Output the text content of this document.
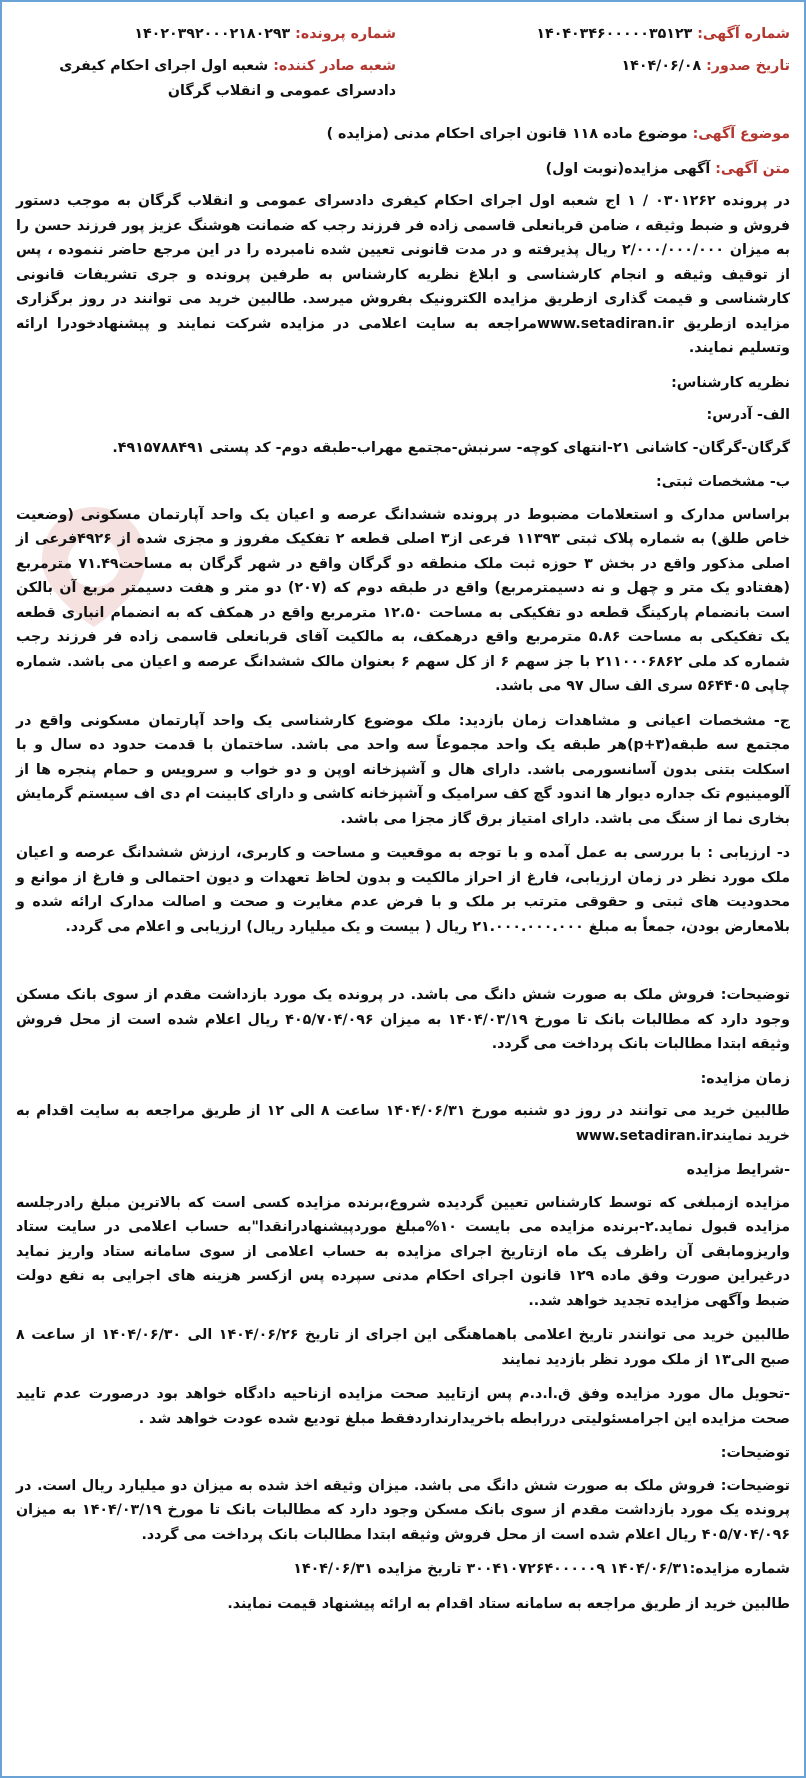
شماره آگهی: ۱۴۰۴۰۳۴۶۰۰۰۰۰۳۵۱۲۳
شماره پرونده: ۱۴۰۲۰۳۹۲۰۰۰۲۱۸۰۲۹۳
تاریخ صدور: ۱۴۰۴/۰۶/۰۸
شعبه صادر کننده: شعبه اول اجرای احکام کیفری دادسرای عمومی و انقلاب گرگان

موضوع آگهی: موضوع ماده ۱۱۸ قانون اجرای احکام مدنی (مزایده )

متن آگهی: آگهی مزایده(نوبت اول)

در پرونده ۰۳۰۱۲۶۲ / ۱ اج شعبه اول اجرای احکام کیفری دادسرای عمومی و انقلاب گرگان به موجب دستور فروش و ضبط وثیقه ، ضامن قربانعلی قاسمی زاده فر فرزند رجب که ضمانت هوشنگ عزیز پور فرزند حسن را به میزان ۲/۰۰۰/۰۰۰/۰۰۰ ریال پذیرفته و در مدت قانونی تعیین شده نامبرده را در این مرجع حاضر ننموده ، پس از توقیف وثیقه و انجام کارشناسی و ابلاغ نظریه کارشناس به طرفین پرونده و جری تشریفات قانونی کارشناسی و قیمت گذاری ازطریق مزایده الکترونیک بفروش میرسد. طالبین خرید می توانند در روز برگزاری مزایده ازطریق www.setadiran.irمراجعه به سایت اعلامی در مزایده شرکت نمایند و پیشنهادخودرا ارائه وتسلیم نمایند.

نظریه کارشناس:

الف- آدرس:

گرگان-گرگان- کاشانی ۲۱-انتهای کوچه- سرنبش-مجتمع مهراب-طبقه دوم- کد پستی ۴۹۱۵۷۸۸۴۹۱.

ب- مشخصات ثبتی:

براساس مدارک و استعلامات مضبوط در پرونده ششدانگ عرصه و اعیان یک واحد آپارتمان مسکونی (وضعیت خاص طلق) به شماره پلاک ثبتی ۱۱۳۹۳ فرعی از۳ اصلی قطعه ۲ تفکیک مفروز و مجزی شده از ۴۹۲۶فرعی از اصلی مذکور واقع در بخش ۳ حوزه ثبت ملک منطقه دو گرگان واقع در شهر گرگان به مساحت۷۱.۴۹ مترمربع (هفتادو یک متر و چهل و نه دسیمترمربع) واقع در طبقه دوم که (۲۰۷) دو متر و هفت دسیمتر مربع آن بالکن است بانضمام پارکینگ قطعه دو تفکیکی به مساحت ۱۲.۵۰ مترمربع واقع در همکف که به انضمام انباری قطعه یک تفکیکی به مساحت ۵.۸۶ مترمربع واقع درهمکف، به مالکیت آقای قربانعلی قاسمی زاده فر فرزند رجب شماره کد ملی ۲۱۱۰۰۰۶۸۶۲ با جز سهم ۶ از کل سهم ۶ بعنوان مالک ششدانگ عرصه و اعیان می باشد. شماره چاپی ۵۶۴۴۰۵ سری الف سال ۹۷ می باشد.

ج- مشخصات اعیانی و مشاهدات زمان بازدید: ملک موضوع کارشناسی یک واحد آپارتمان مسکونی واقع در مجتمع سه طبقه(p+۳)هر طبقه یک واحد مجموعاً سه واحد می باشد. ساختمان با قدمت حدود ده سال و با اسکلت بتنی بدون آسانسورمی باشد. دارای هال و آشپزخانه اوپن و دو خواب و سرویس و حمام پنجره ها از آلومینیوم تک جداره دیوار ها اندود گچ کف سرامیک و آشپزخانه کاشی و دارای کابینت ام دی اف سیستم گرمایش بخاری نما از سنگ می باشد. دارای امتیاز برق گاز مجزا می باشد.

د- ارزیابی : با بررسی به عمل آمده و با توجه به موقعیت و مساحت و کاربری، ارزش ششدانگ عرصه و اعیان ملک مورد نظر در زمان ارزیابی، فارغ از احراز مالکیت و بدون لحاظ تعهدات و دیون احتمالی و فارغ از موانع و محدودیت های ثبتی و حقوقی مترتب بر ملک و با فرض عدم مغایرت و صحت و اصالت مدارک ارائه شده و بلامعارض بودن، جمعاً به مبلغ ۲۱.۰۰۰.۰۰۰.۰۰۰ ریال ( بیست و یک میلیارد ریال) ارزیابی و اعلام می گردد.

توضیحات: فروش ملک به صورت شش دانگ می باشد. در پرونده یک مورد بازداشت مقدم از سوی بانک مسکن وجود دارد که مطالبات بانک تا مورخ ۱۴۰۴/۰۳/۱۹ به میزان ۴۰۵/۷۰۴/۰۹۶ ریال اعلام شده است از محل فروش وثیقه ابتدا مطالبات بانک پرداخت می گردد.

زمان مزایده:

طالبین خرید می توانند در روز دو شنبه مورخ ۱۴۰۴/۰۶/۳۱ ساعت ۸ الی ۱۲ از طریق مراجعه به سایت اقدام به خرید نمایندwww.setadiran.ir

-شرایط مزایده

مزایده ازمبلغی که توسط کارشناس تعیین گردیده شروع،برنده مزایده کسی است که بالاترین مبلغ رادرجلسه مزایده قبول نماید.۲-برنده مزایده می بایست ۱۰%مبلغ موردپیشنهادرانقدا"به حساب اعلامی در سایت ستاد واریزومابقی آن راظرف یک ماه ازتاریخ اجرای مزایده به حساب اعلامی از سوی سامانه ستاد واریز نماید درغیراین صورت وفق ماده ۱۲۹ قانون اجرای احکام مدنی سپرده پس ازکسر هزینه های اجرایی به نفع دولت ضبط وآگهی مزایده تجدید خواهد شد..

طالبین خرید می توانندر تاریخ اعلامی باهماهنگی این اجرای از تاریخ ۱۴۰۴/۰۶/۲۶ الی ۱۴۰۴/۰۶/۳۰ از ساعت ۸ صبح الی۱۳ از ملک مورد نظر بازدید نمایند

-تحویل مال مورد مزایده وفق ق.ا.د.م پس ازتایید صحت مزایده ازناحیه دادگاه خواهد بود درصورت عدم تایید صحت مزایده این اجرامسئولیتی دررابطه باخریدارنداردفقط مبلغ تودیع شده عودت خواهد شد .

توضیحات:

توضیحات: فروش ملک به صورت شش دانگ می باشد. میزان وثیقه اخذ شده به میزان دو میلیارد ریال است. در پرونده یک مورد بازداشت مقدم از سوی بانک مسکن وجود دارد که مطالبات بانک تا مورخ ۱۴۰۴/۰۳/۱۹ به میزان ۴۰۵/۷۰۴/۰۹۶ ریال اعلام شده است از محل فروش وثیقه ابتدا مطالبات بانک پرداخت می گردد.

شماره مزایده:۱۴۰۴/۰۶/۳۱ ۳۰۰۴۱۰۷۲۶۴۰۰۰۰۰۹ تاریخ مزایده ۱۴۰۴/۰۶/۳۱

طالبین خرید از طریق مراجعه به سامانه ستاد اقدام به ارائه پیشنهاد قیمت نمایند.
